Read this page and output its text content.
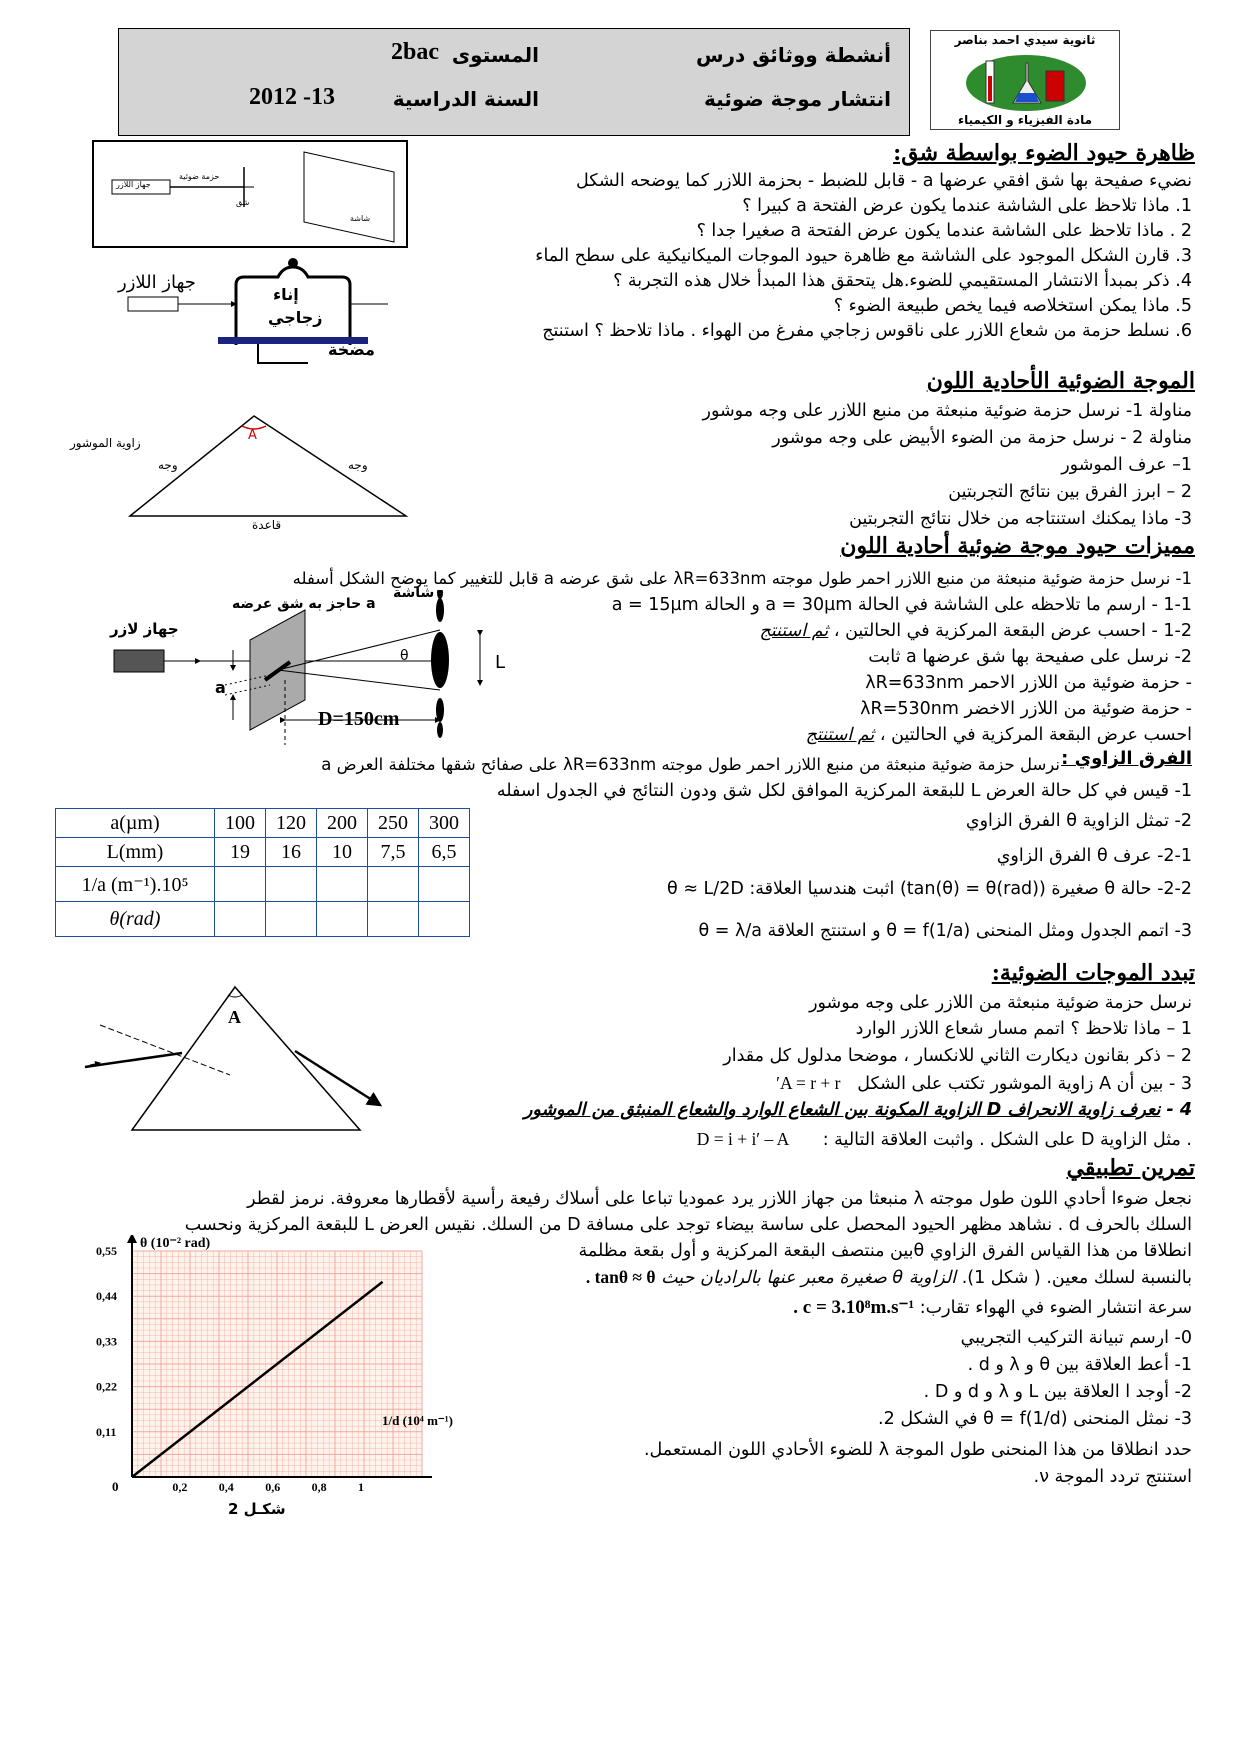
أنشطة ووثائق درس
انتشار موجة ضوئية
المستوى
2bac
السنة الدراسية
2012 -13
ثانوية سيدي احمد بناصر
مادة الفيزياء و الكيمياء
ظاهرة حيود الضوء بواسطة شق:
نضيء صفيحة بها شق افقي عرضها a - قابل للضبط - بحزمة اللازر كما يوضحه الشكل
1. ماذا تلاحظ على الشاشة عندما يكون عرض الفتحة a كبيرا ؟
2 . ماذا تلاحظ على الشاشة عندما يكون عرض الفتحة a صغيرا جدا ؟
3. قارن الشكل الموجود على الشاشة مع ظاهرة حيود الموجات الميكانيكية على سطح الماء
4. ذكر بمبدأ الانتشار المستقيمي للضوء.هل يتحقق هذا المبدأ خلال هذه التجربة ؟
5. ماذا يمكن استخلاصه فيما يخص طبيعة الضوء ؟
6. نسلط حزمة من شعاع اللازر على ناقوس زجاجي مفرغ من الهواء . ماذا تلاحظ ؟ استنتج
جهاز اللازر
حزمة ضوئية
شق
شاشة
جهاز اللازر
إناء
زجاجي
مضخة
الموجة الضوئية الأحادية اللون
مناولة 1- نرسل حزمة ضوئية منبعثة من منبع اللازر على وجه موشور
مناولة 2 - نرسل حزمة من الضوء الأبيض على وجه موشور
1– عرف الموشور
2 – ابرز الفرق بين نتائج التجربتين
3- ماذا يمكنك استنتاجه من خلال نتائج التجربتين
A
زاوية الموشور
وجه	وجه
قاعدة
مميزات حيود موجة ضوئية أحادية اللون
1- نرسل حزمة ضوئية منبعثة من منبع اللازر احمر طول موجته λR=633nm على شق عرضه a قابل للتغيير كما يوضح الشكل أسفله
1-1 - ارسم ما تلاحظه على الشاشة في الحالة a = 30µm و الحالة a = 15µm
1-2 - احسب عرض البقعة المركزية في الحالتين ، ثم استنتج
2- نرسل على صفيحة بها شق عرضها a ثابت
- حزمة ضوئية من اللازر الاحمر λR=633nm
- حزمة ضوئية من اللازر الاخضر λR=530nm
احسب عرض البقعة المركزية في الحالتين ، ثم استنتج
جهاز لازر
حاجز به شق عرضه a
شاشة
a
θ	L
D=150cm
الفرق الزاوي :
نرسل حزمة ضوئية منبعثة من منبع اللازر احمر طول موجته λR=633nm على صفائح شقها مختلفة العرض a
1- قيس في كل حالة العرض L للبقعة المركزية الموافق لكل شق ودون النتائج في الجدول اسفله
2- تمثل الزاوية θ الفرق الزاوي
2-1- عرف θ الفرق الزاوي
2-2- حالة θ صغيرة (tan(θ) = θ(rad)) اثبت هندسيا العلاقة: θ ≈ L/2D
3- اتمم الجدول ومثل المنحنى θ = f(1/a) و استنتج العلاقة θ = λ/a
a(µm)	100	120	200	250	300
L(mm)	19	16	10	7,5	6,5
1/a (m⁻¹).10⁵					
θ(rad)					
تبدد الموجات الضوئية:
نرسل حزمة ضوئية منبعثة من اللازر على وجه موشور
1 – ماذا تلاحظ ؟ اتمم مسار شعاع اللازر الوارد
2 – ذكر بقانون ديكارت الثاني للانكسار ، موضحا مدلول كل مقدار
3 - بين أن A زاوية الموشور تكتب على الشكل   A = r + r′
4 - نعرف زاوية الانحراف D الزاوية المكونة بين الشعاع الوارد والشعاع المنبثق من الموشور
. مثل الزاوية D على الشكل . واثبت العلاقة التالية :      D = i + i′ – A
A
تمرين تطبيقي
نجعل ضوءا أحادي اللون طول موجته λ منبعثا من جهاز اللازر يرد عموديا تباعا على أسلاك رفيعة رأسية لأقطارها معروفة. نرمز لقطر
السلك بالحرف d . نشاهد مظهر الحيود المحصل على ساسة بيضاء توجد على مسافة D من السلك. نقيس العرض L للبقعة المركزية ونحسب
انطلاقا من هذا القياس الفرق الزاوي θبين منتصف البقعة المركزية و أول بقعة مظلمة
بالنسبة لسلك معين. ( شكل 1). الزاوية θ صغيرة معبر عنها بالراديان حيث tanθ ≈ θ .
سرعة انتشار الضوء في الهواء تقارب: c = 3.10⁸m.s⁻¹ .
0- ارسم تبيانة التركيب التجريبي
1- أعط العلاقة بين θ و λ و d .
2- أوجد ا العلاقة بين L و λ و d و D .
3- نمثل المنحنى θ = f(1/d) في الشكل 2.
حدد انطلاقا من هذا المنحنى طول الموجة λ للضوء الأحادي اللون المستعمل.
استنتج تردد الموجة ν.
0,2	0,4	0,6	0,8	1
0,11
0,22
0,33
0,44
0,55 θ (10⁻² rad)
1/d (10⁴ m⁻¹)
0
شكـل 2
